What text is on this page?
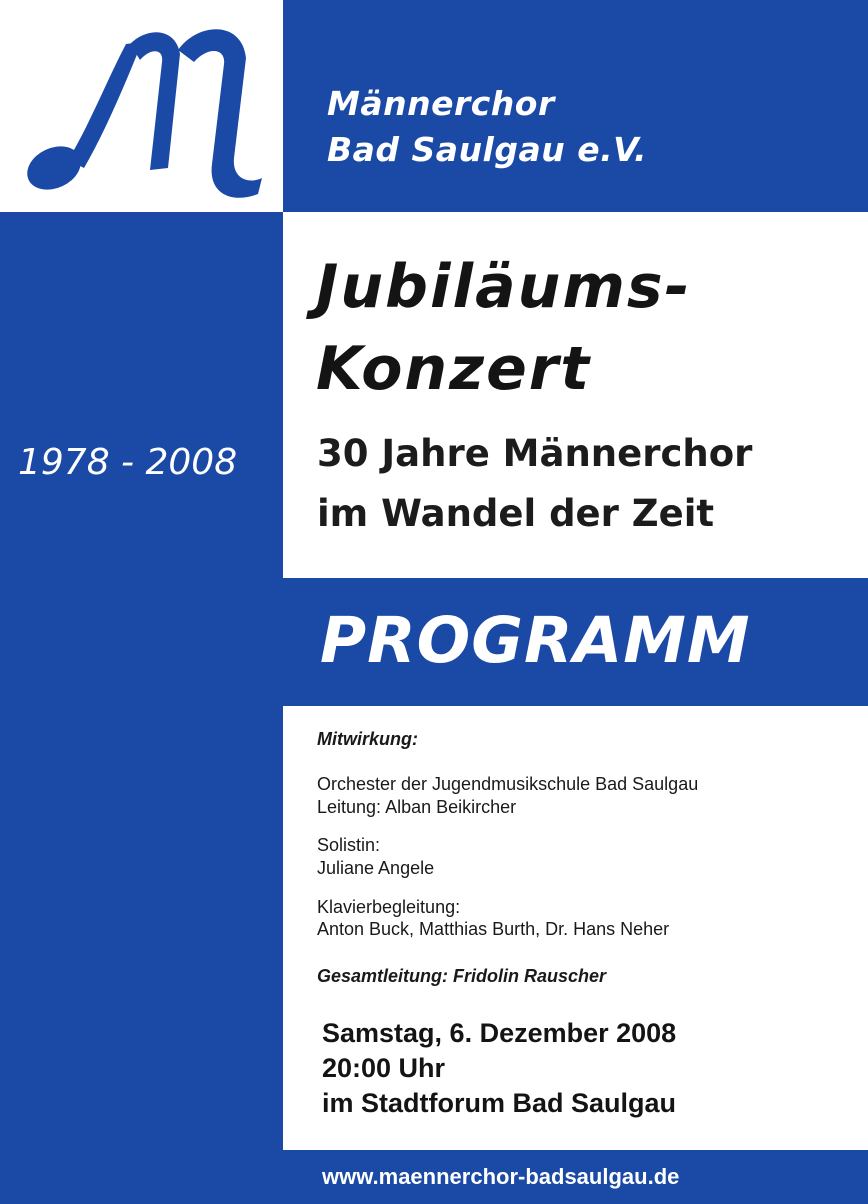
Männerchor
Bad Saulgau e.V.
Jubiläums-
Konzert
30 Jahre Männerchor
im Wandel der Zeit
1978 - 2008
PROGRAMM
Mitwirkung:
Orchester der Jugendmusikschule Bad Saulgau
Leitung: Alban Beikircher
Solistin:
Juliane Angele
Klavierbegleitung:
Anton Buck, Matthias Burth, Dr. Hans Neher
Gesamtleitung: Fridolin Rauscher
Samstag, 6. Dezember 2008
20:00 Uhr
im Stadtforum Bad Saulgau
www.maennerchor-badsaulgau.de
